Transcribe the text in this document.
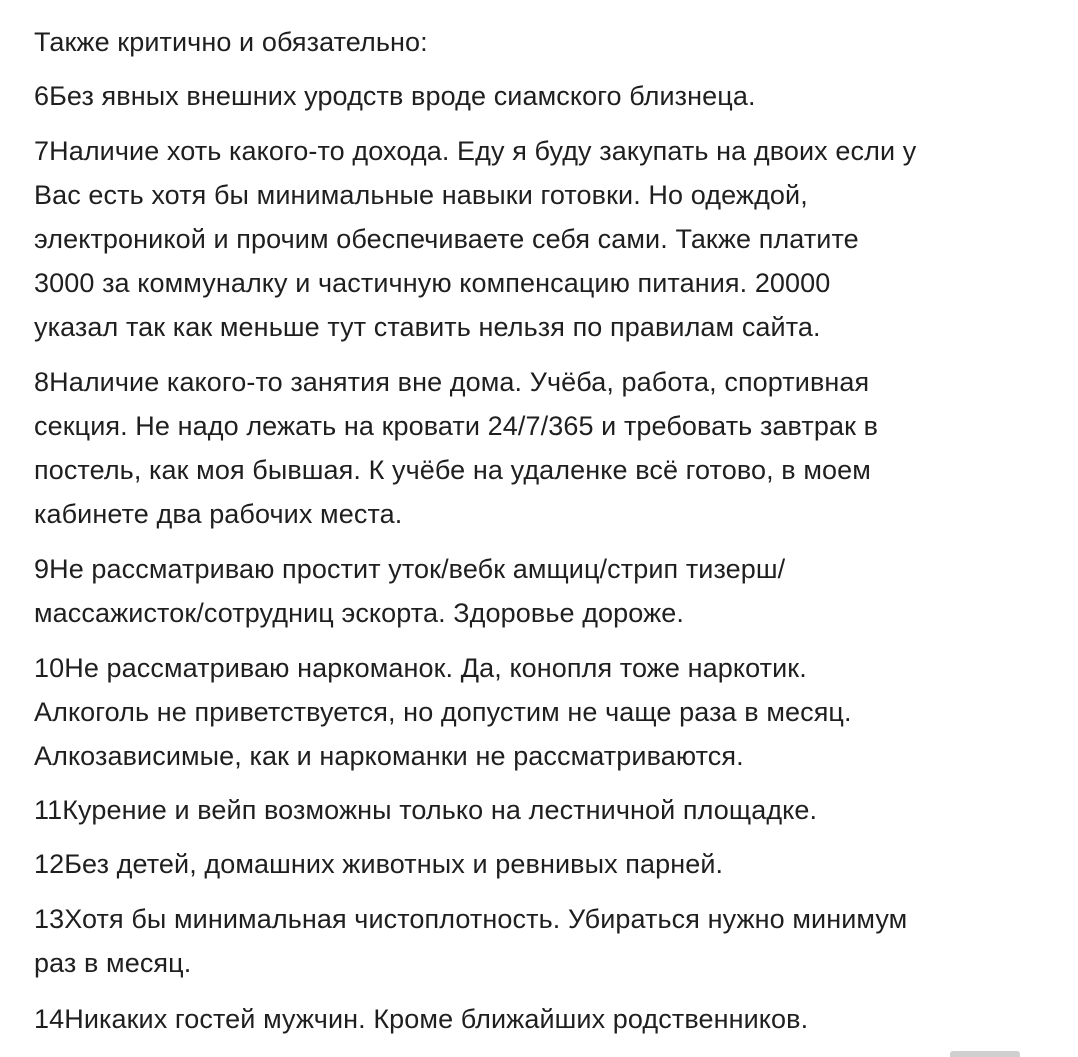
Также критично и обязательно:
6Без явных внешних уродств вроде сиамского близнеца.
7Наличие хоть какого-то дохода. Еду я буду закупать на двоих если у
Вас есть хотя бы минимальные навыки готовки. Но одеждой,
электроникой и прочим обеспечиваете себя сами. Также платите
3000 за коммуналку и частичную компенсацию питания. 20000
указал так как меньше тут ставить нельзя по правилам сайта.
8Наличие какого-то занятия вне дома. Учёба, работа, спортивная
секция. Не надо лежать на кровати 24/7/365 и требовать завтрак в
постель, как моя бывшая. К учёбе на удаленке всё готово, в моем
кабинете два рабочих места.
9Не рассматриваю простит уток/вебк амщиц/стрип тизерш/
массажисток/сотрудниц эскорта. Здоровье дороже.
10Не рассматриваю наркоманок. Да, конопля тоже наркотик.
Алкоголь не приветствуется, но допустим не чаще раза в месяц.
Алкозависимые, как и наркоманки не рассматриваются.
11Курение и вейп возможны только на лестничной площадке.
12Без детей, домашних животных и ревнивых парней.
13Хотя бы минимальная чистоплотность. Убираться нужно минимум
раз в месяц.
14Никаких гостей мужчин. Кроме ближайших родственников.
